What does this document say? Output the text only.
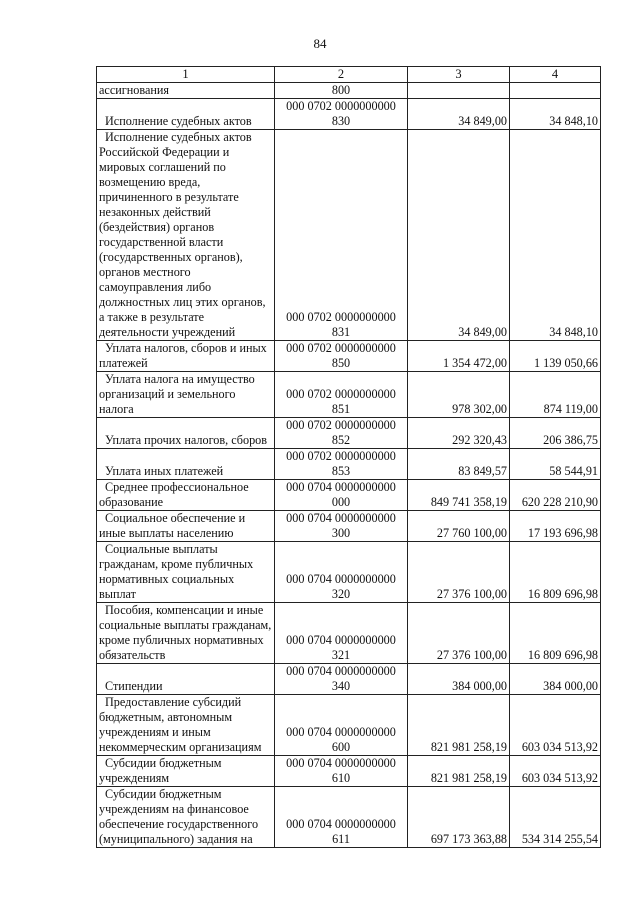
84
1	2	3	4

ассигнования	800		

Исполнение судебных актов	000 0702 0000000000 830	34 849,00	34 848,10

Исполнение судебных актов Российской Федерации и мировых соглашений по возмещению вреда, причиненного в результате незаконных действий (бездействия) органов государственной власти (государственных органов), органов местного самоуправления либо должностных лиц этих органов, а также в результате деятельности учреждений	000 0702 0000000000 831	34 849,00	34 848,10

Уплата налогов, сборов и иных платежей	000 0702 0000000000 850	1 354 472,00	1 139 050,66

Уплата налога на имущество организаций и земельного налога	000 0702 0000000000 851	978 302,00	874 119,00

Уплата прочих налогов, сборов	000 0702 0000000000 852	292 320,43	206 386,75

Уплата иных платежей	000 0702 0000000000 853	83 849,57	58 544,91

Среднее профессиональное образование	000 0704 0000000000 000	849 741 358,19	620 228 210,90

Социальное обеспечение и иные выплаты населению	000 0704 0000000000 300	27 760 100,00	17 193 696,98

Социальные выплаты гражданам, кроме публичных нормативных социальных выплат	000 0704 0000000000 320	27 376 100,00	16 809 696,98

Пособия, компенсации и иные социальные выплаты гражданам, кроме публичных нормативных обязательств	000 0704 0000000000 321	27 376 100,00	16 809 696,98

Стипендии	000 0704 0000000000 340	384 000,00	384 000,00

Предоставление субсидий бюджетным, автономным учреждениям и иным некоммерческим организациям	000 0704 0000000000 600	821 981 258,19	603 034 513,92

Субсидии бюджетным учреждениям	000 0704 0000000000 610	821 981 258,19	603 034 513,92

Субсидии бюджетным учреждениям на финансовое обеспечение государственного (муниципального) задания на	000 0704 0000000000 611	697 173 363,88	534 314 255,54
